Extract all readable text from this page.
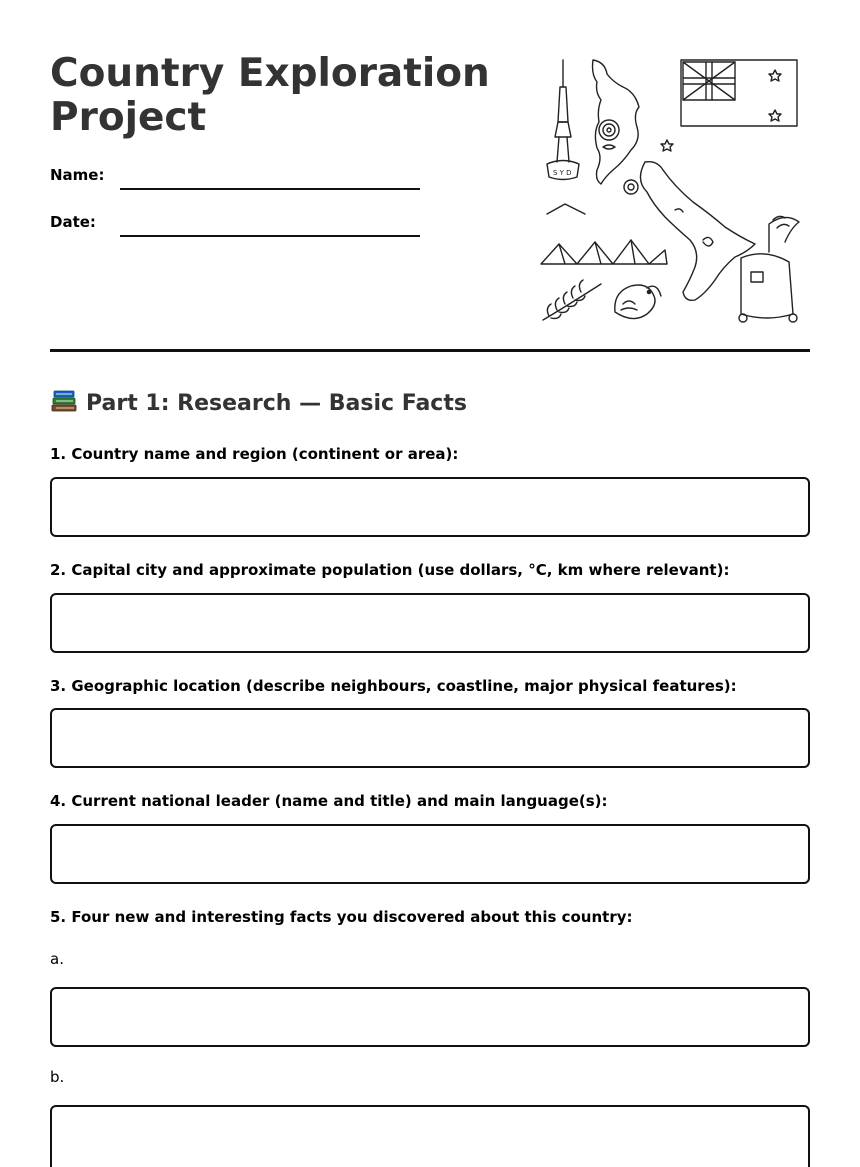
Country Exploration
Project
Name:
Date:
S Y D
Part 1: Research — Basic Facts
1. Country name and region (continent or area):
2. Capital city and approximate population (use dollars, °C, km where relevant):
3. Geographic location (describe neighbours, coastline, major physical features):
4. Current national leader (name and title) and main language(s):
5. Four new and interesting facts you discovered about this country:
a.
b.
